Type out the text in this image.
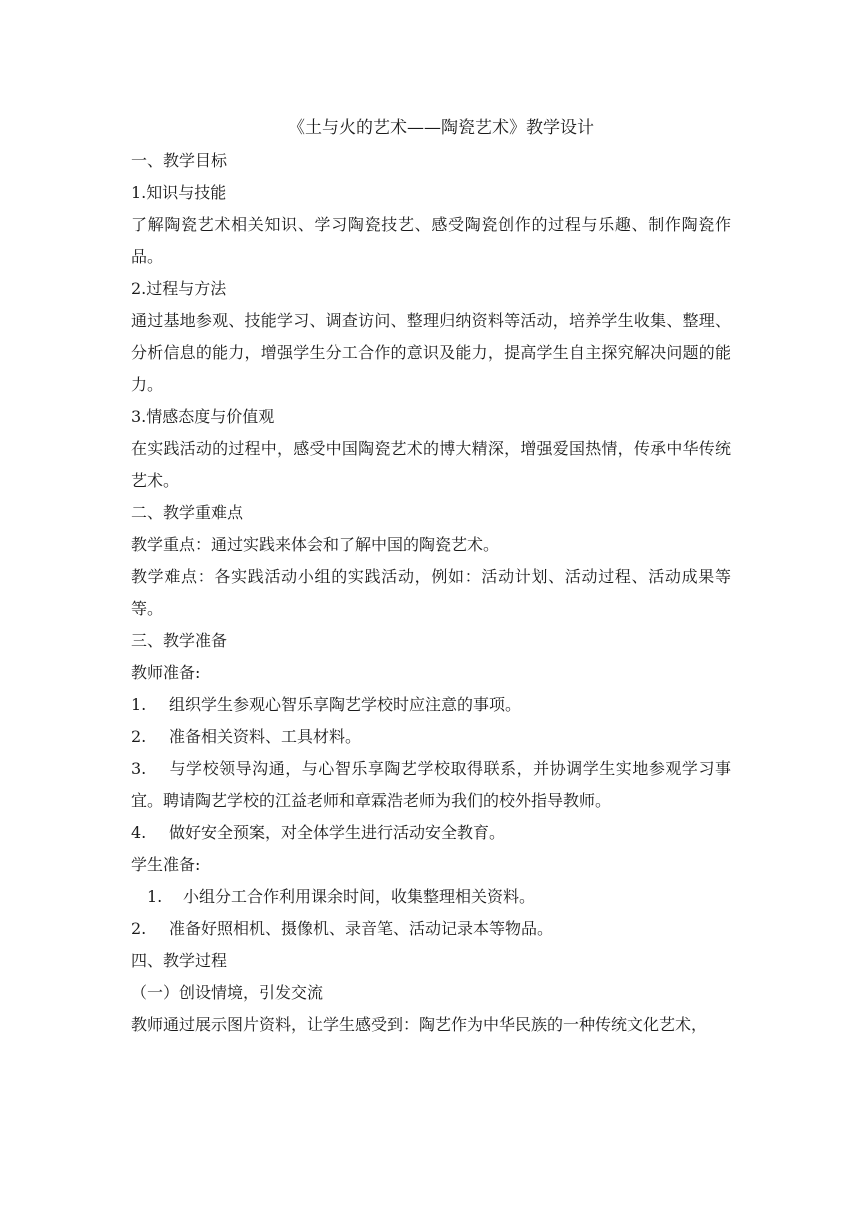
《土与火的艺术——陶瓷艺术》教学设计

一、教学目标

1.知识与技能

了解陶瓷艺术相关知识、学习陶瓷技艺、感受陶瓷创作的过程与乐趣、制作陶瓷作品。

2.过程与方法

通过基地参观、技能学习、调查访问、整理归纳资料等活动，培养学生收集、整理、分析信息的能力，增强学生分工合作的意识及能力，提高学生自主探究解决问题的能力。

3.情感态度与价值观

在实践活动的过程中，感受中国陶瓷艺术的博大精深，增强爱国热情，传承中华传统艺术。

二、教学重难点

教学重点：通过实践来体会和了解中国的陶瓷艺术。

教学难点：各实践活动小组的实践活动，例如：活动计划、活动过程、活动成果等等。

三、教学准备

教师准备:

1. 组织学生参观心智乐享陶艺学校时应注意的事项。

2. 准备相关资料、工具材料。

3. 与学校领导沟通，与心智乐享陶艺学校取得联系，并协调学生实地参观学习事宜。聘请陶艺学校的江益老师和章霖浩老师为我们的校外指导教师。

4. 做好安全预案，对全体学生进行活动安全教育。

学生准备:

1. 小组分工合作利用课余时间，收集整理相关资料。

2. 准备好照相机、摄像机、录音笔、活动记录本等物品。

四、教学过程

（一）创设情境，引发交流

教师通过展示图片资料，让学生感受到：陶艺作为中华民族的一种传统文化艺术，
